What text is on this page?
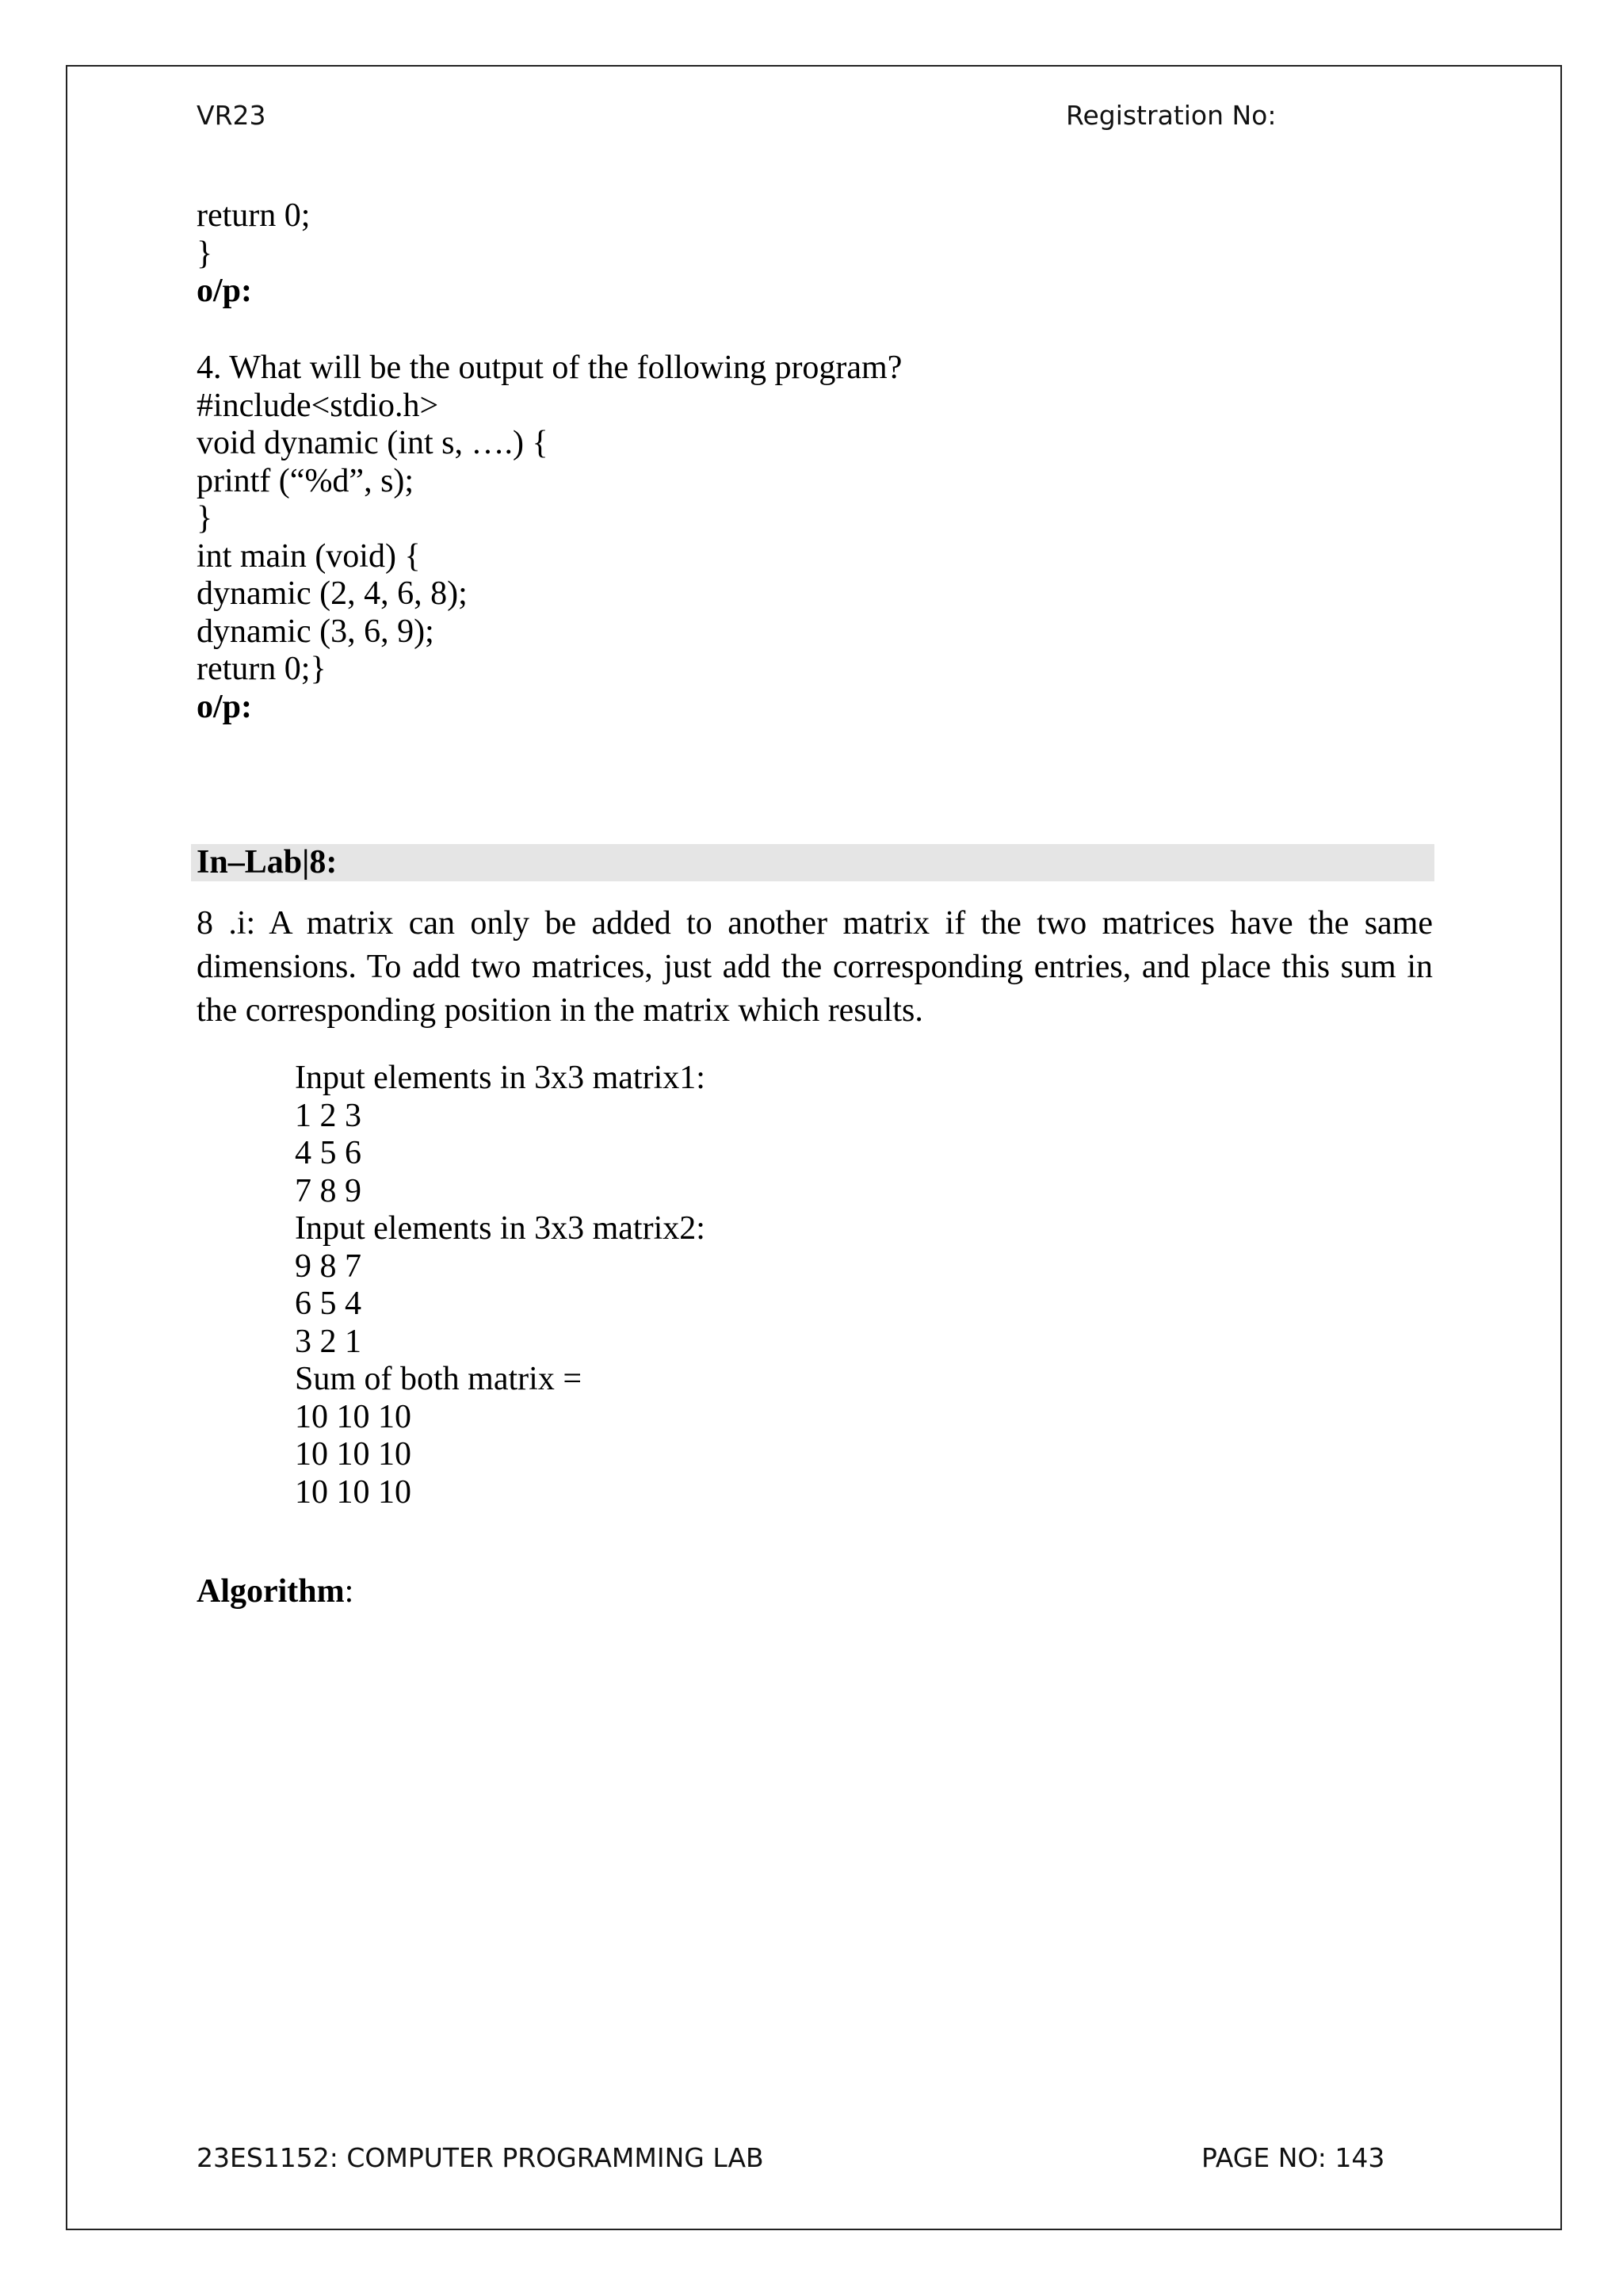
VR23	Registration No:
return 0;
}
o/p:
4. What will be the output of the following program?
#include<stdio.h>
void dynamic (int s, ….) {
printf (“%d”, s);
}
int main (void) {
dynamic (2, 4, 6, 8);
dynamic (3, 6, 9);
return 0;}
o/p:
In–Lab|8:
8 .i: A matrix can only be added to another matrix if the two matrices have the same dimensions. To add two matrices, just add the corresponding entries, and place this sum in the corresponding position in the matrix which results.
Input elements in 3x3 matrix1:
1 2 3
4 5 6
7 8 9
Input elements in 3x3 matrix2:
9 8 7
6 5 4
3 2 1
Sum of both matrix =
10 10 10
10 10 10
10 10 10
Algorithm:
23ES1152: COMPUTER PROGRAMMING LAB	PAGE NO: 143
